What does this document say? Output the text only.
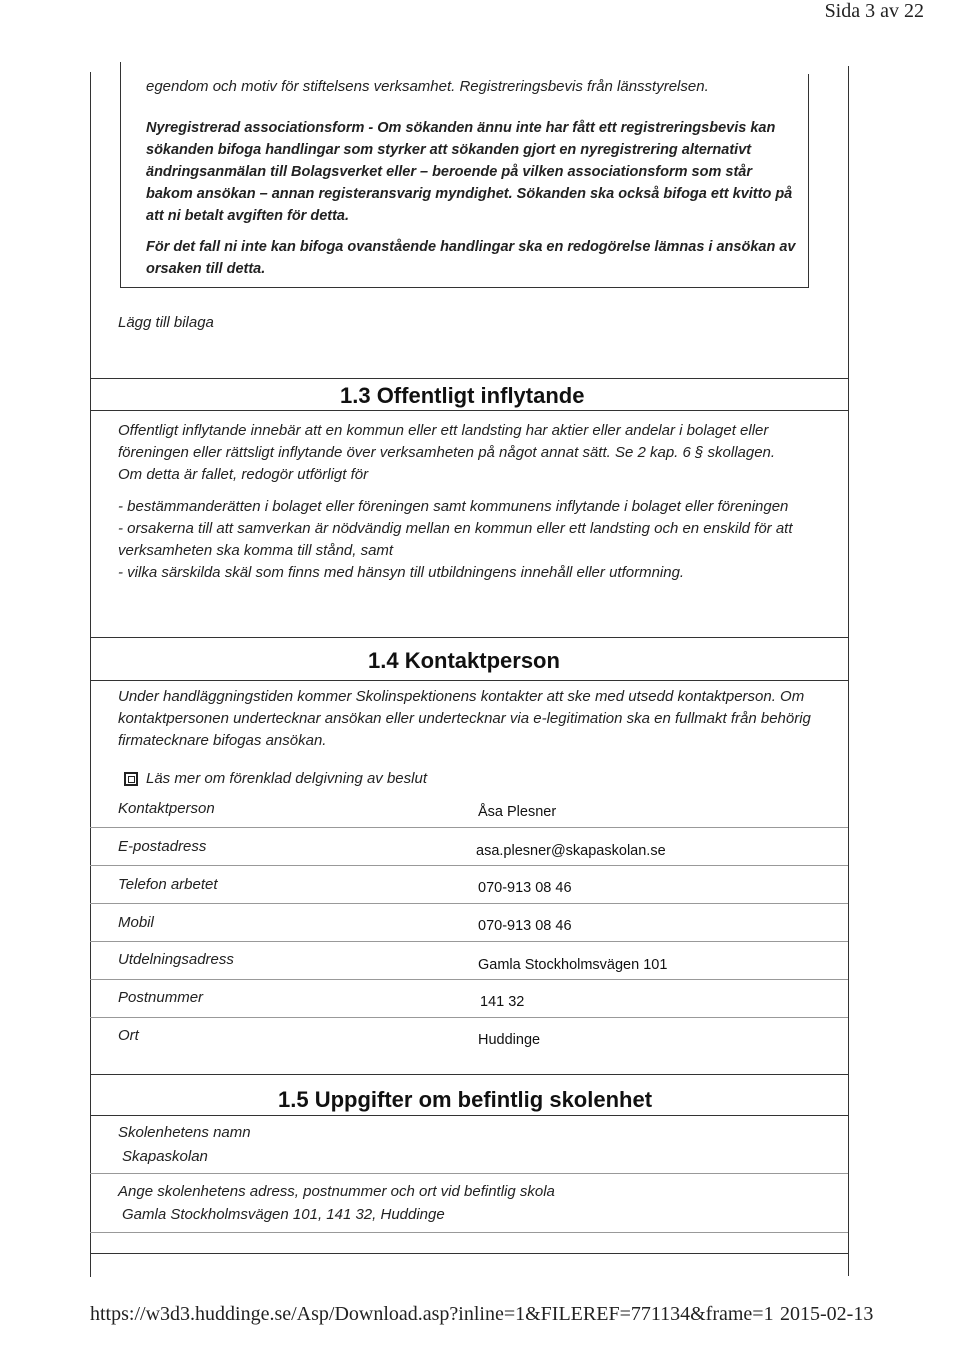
Sida 3 av 22
egendom och motiv för stiftelsens verksamhet. Registreringsbevis från länsstyrelsen.
Nyregistrerad associationsform - Om sökanden ännu inte har fått ett registreringsbevis kan
sökanden bifoga handlingar som styrker att sökanden gjort en nyregistrering alternativt
ändringsanmälan till Bolagsverket eller – beroende på vilken associationsform som står
bakom ansökan – annan registeransvarig myndighet. Sökanden ska också bifoga ett kvitto på
att ni betalt avgiften för detta.
För det fall ni inte kan bifoga ovanstående handlingar ska en redogörelse lämnas i ansökan av
orsaken till detta.
Lägg till bilaga
1.3 Offentligt inflytande
Offentligt inflytande innebär att en kommun eller ett landsting har aktier eller andelar i bolaget eller
föreningen eller rättsligt inflytande över verksamheten på något annat sätt. Se 2 kap. 6 § skollagen.
Om detta är fallet, redogör utförligt för
- bestämmanderätten i bolaget eller föreningen samt kommunens inflytande i bolaget eller föreningen
- orsakerna till att samverkan är nödvändig mellan en kommun eller ett landsting och en enskild för att
verksamheten ska komma till stånd, samt
- vilka särskilda skäl som finns med hänsyn till utbildningens innehåll eller utformning.
1.4 Kontaktperson
Under handläggningstiden kommer Skolinspektionens kontakter att ske med utsedd kontaktperson. Om
kontaktpersonen undertecknar ansökan eller undertecknar via e-legitimation ska en fullmakt från behörig
firmatecknare bifogas ansökan.
Läs mer om förenklad delgivning av beslut
Kontaktperson	Åsa Plesner
E-postadress	asa.plesner@skapaskolan.se
Telefon arbetet	070-913 08 46
Mobil	070-913 08 46
Utdelningsadress	Gamla Stockholmsvägen 101
Postnummer	141 32
Ort	Huddinge
1.5 Uppgifter om befintlig skolenhet
Skolenhetens namn
Skapaskolan
Ange skolenhetens adress, postnummer och ort vid befintlig skola
Gamla Stockholmsvägen 101, 141 32, Huddinge
https://w3d3.huddinge.se/Asp/Download.asp?inline=1&FILEREF=771134&frame=1 2015-02-13
